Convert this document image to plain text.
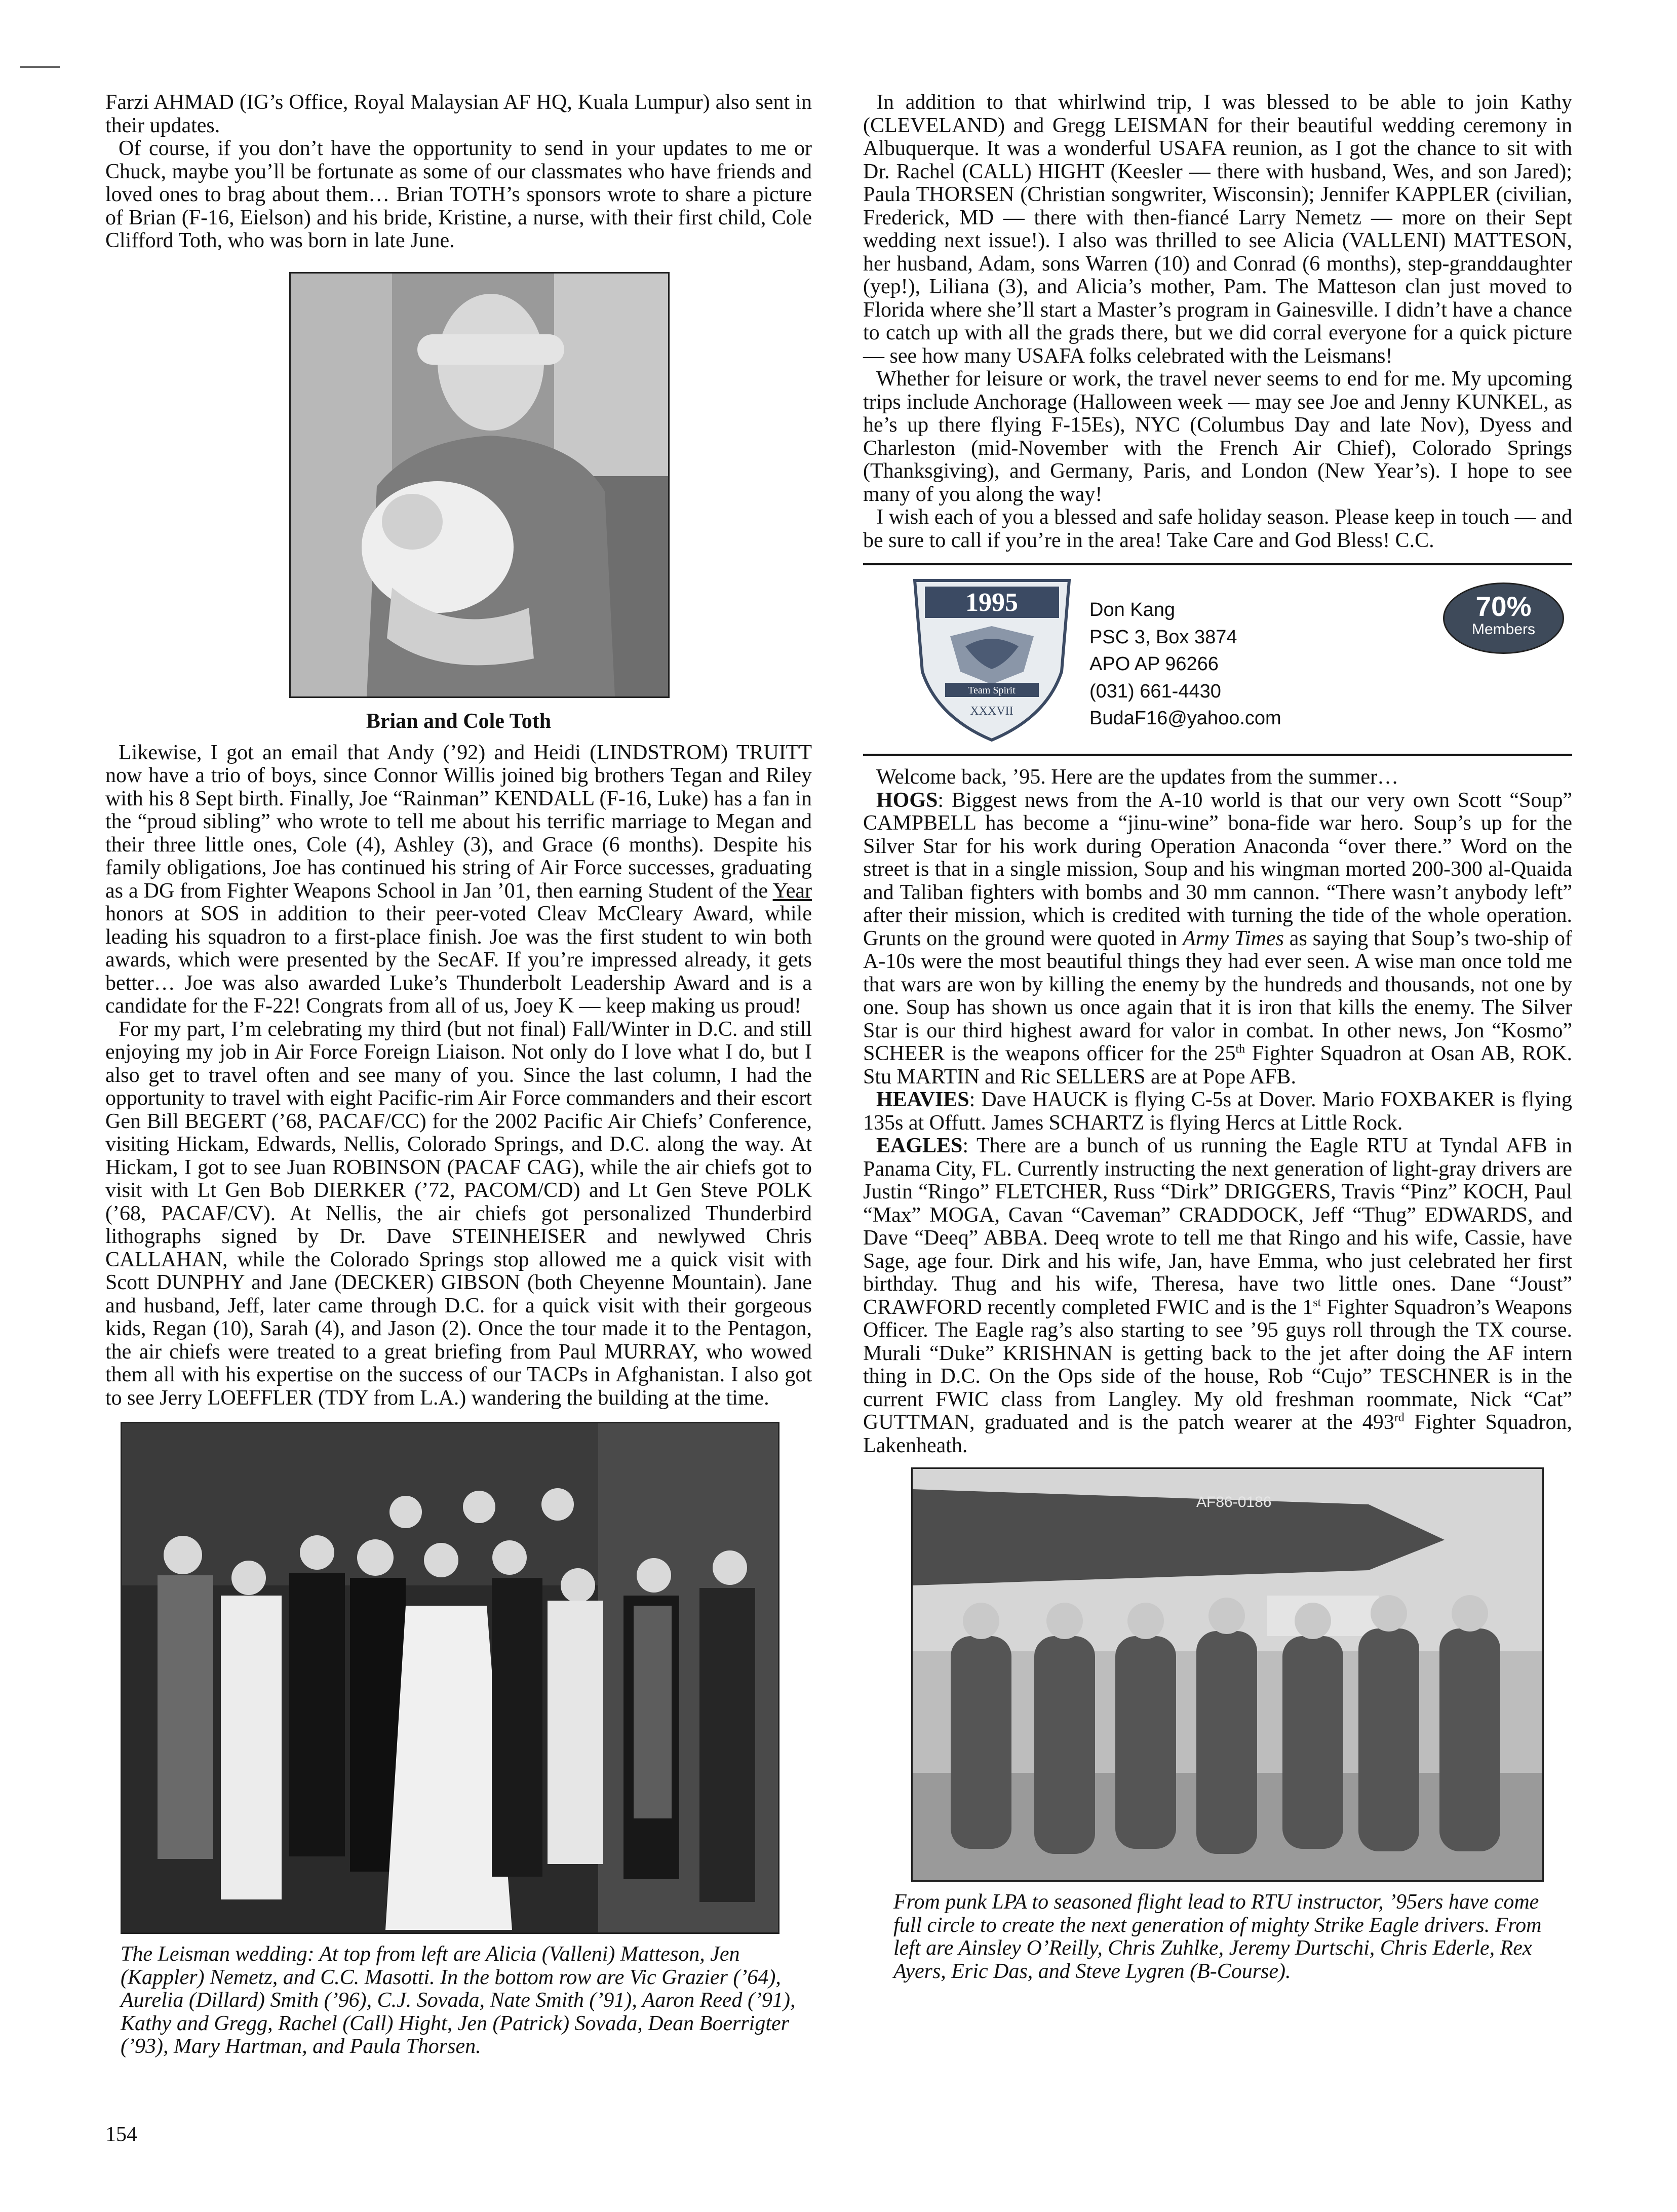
Farzi AHMAD (IG’s Office, Royal Malaysian AF HQ, Kuala Lumpur) also sent in their updates.

Of course, if you don’t have the opportunity to send in your updates to me or Chuck, maybe you’ll be fortunate as some of our classmates who have friends and loved ones to brag about them… Brian TOTH’s sponsors wrote to share a picture of Brian (F-16, Eielson) and his bride, Kristine, a nurse, with their first child, Cole Clifford Toth, who was born in late June.

Brian and Cole Toth

Likewise, I got an email that Andy (’92) and Heidi (LINDSTROM) TRUITT now have a trio of boys, since Connor Willis joined big brothers Tegan and Riley with his 8 Sept birth. Finally, Joe “Rainman” KENDALL (F-16, Luke) has a fan in the “proud sibling” who wrote to tell me about his terrific marriage to Megan and their three little ones, Cole (4), Ashley (3), and Grace (6 months). Despite his family obligations, Joe has continued his string of Air Force successes, graduating as a DG from Fighter Weapons School in Jan ’01, then earning Student of the Year honors at SOS in addition to their peer-voted Cleav McCleary Award, while leading his squadron to a first-place finish. Joe was the first student to win both awards, which were presented by the SecAF. If you’re impressed already, it gets better… Joe was also awarded Luke’s Thunderbolt Leadership Award and is a candidate for the F-22! Congrats from all of us, Joey K — keep making us proud!

For my part, I’m celebrating my third (but not final) Fall/Winter in D.C. and still enjoying my job in Air Force Foreign Liaison. Not only do I love what I do, but I also get to travel often and see many of you. Since the last column, I had the opportunity to travel with eight Pacific-rim Air Force commanders and their escort Gen Bill BEGERT (’68, PACAF/CC) for the 2002 Pacific Air Chiefs’ Conference, visiting Hickam, Edwards, Nellis, Colorado Springs, and D.C. along the way. At Hickam, I got to see Juan ROBINSON (PACAF CAG), while the air chiefs got to visit with Lt Gen Bob DIERKER (’72, PACOM/CD) and Lt Gen Steve POLK (’68, PACAF/CV). At Nellis, the air chiefs got personalized Thunderbird lithographs signed by Dr. Dave STEINHEISER and newlywed Chris CALLAHAN, while the Colorado Springs stop allowed me a quick visit with Scott DUNPHY and Jane (DECKER) GIBSON (both Cheyenne Mountain). Jane and husband, Jeff, later came through D.C. for a quick visit with their gorgeous kids, Regan (10), Sarah (4), and Jason (2). Once the tour made it to the Pentagon, the air chiefs were treated to a great briefing from Paul MURRAY, who wowed them all with his expertise on the success of our TACPs in Afghanistan. I also got to see Jerry LOEFFLER (TDY from L.A.) wandering the building at the time.

The Leisman wedding: At top from left are Alicia (Valleni) Matteson, Jen (Kappler) Nemetz, and C.C. Masotti. In the bottom row are Vic Grazier (’64), Aurelia (Dillard) Smith (’96), C.J. Sovada, Nate Smith (’91), Aaron Reed (’91), Kathy and Gregg, Rachel (Call) Hight, Jen (Patrick) Sovada, Dean Boerrigter (’93), Mary Hartman, and Paula Thorsen.

In addition to that whirlwind trip, I was blessed to be able to join Kathy (CLEVELAND) and Gregg LEISMAN for their beautiful wedding ceremony in Albuquerque. It was a wonderful USAFA reunion, as I got the chance to sit with Dr. Rachel (CALL) HIGHT (Keesler — there with husband, Wes, and son Jared); Paula THORSEN (Christian songwriter, Wisconsin); Jennifer KAPPLER (civilian, Frederick, MD — there with then-fiancé Larry Nemetz — more on their Sept wedding next issue!). I also was thrilled to see Alicia (VALLENI) MATTESON, her husband, Adam, sons Warren (10) and Conrad (6 months), step-granddaughter (yep!), Liliana (3), and Alicia’s mother, Pam. The Matteson clan just moved to Florida where she’ll start a Master’s program in Gainesville. I didn’t have a chance to catch up with all the grads there, but we did corral everyone for a quick picture — see how many USAFA folks celebrated with the Leismans!

Whether for leisure or work, the travel never seems to end for me. My upcoming trips include Anchorage (Halloween week — may see Joe and Jenny KUNKEL, as he’s up there flying F-15Es), NYC (Columbus Day and late Nov), Dyess and Charleston (mid-November with the French Air Chief), Colorado Springs (Thanksgiving), and Germany, Paris, and London (New Year’s). I hope to see many of you along the way!

I wish each of you a blessed and safe holiday season. Please keep in touch — and be sure to call if you’re in the area! Take Care and God Bless! C.C.

1995
Team Spirit
XXXVII
Don Kang
PSC 3, Box 3874
APO AP 96266
(031) 661-4430
BudaF16@yahoo.com
70%
Members

Welcome back, ’95. Here are the updates from the summer…

HOGS: Biggest news from the A-10 world is that our very own Scott “Soup” CAMPBELL has become a “jinu-wine” bona-fide war hero. Soup’s up for the Silver Star for his work during Operation Anaconda “over there.” Word on the street is that in a single mission, Soup and his wingman morted 200-300 al-Quaida and Taliban fighters with bombs and 30 mm cannon. “There wasn’t anybody left” after their mission, which is credited with turning the tide of the whole operation. Grunts on the ground were quoted in Army Times as saying that Soup’s two-ship of A-10s were the most beautiful things they had ever seen. A wise man once told me that wars are won by killing the enemy by the hundreds and thousands, not one by one. Soup has shown us once again that it is iron that kills the enemy. The Silver Star is our third highest award for valor in combat. In other news, Jon “Kosmo” SCHEER is the weapons officer for the 25th Fighter Squadron at Osan AB, ROK. Stu MARTIN and Ric SELLERS are at Pope AFB.

HEAVIES: Dave HAUCK is flying C-5s at Dover. Mario FOXBAKER is flying 135s at Offutt. James SCHARTZ is flying Hercs at Little Rock.

EAGLES: There are a bunch of us running the Eagle RTU at Tyndal AFB in Panama City, FL. Currently instructing the next generation of light-gray drivers are Justin “Ringo” FLETCHER, Russ “Dirk” DRIGGERS, Travis “Pinz” KOCH, Paul “Max” MOGA, Cavan “Caveman” CRADDOCK, Jeff “Thug” EDWARDS, and Dave “Deeq” ABBA. Deeq wrote to tell me that Ringo and his wife, Cassie, have Sage, age four. Dirk and his wife, Jan, have Emma, who just celebrated her first birthday. Thug and his wife, Theresa, have two little ones. Dane “Joust” CRAWFORD recently completed FWIC and is the 1st Fighter Squadron’s Weapons Officer. The Eagle rag’s also starting to see ’95 guys roll through the TX course. Murali “Duke” KRISHNAN is getting back to the jet after doing the AF intern thing in D.C. On the Ops side of the house, Rob “Cujo” TESCHNER is in the current FWIC class from Langley. My old freshman roommate, Nick “Cat” GUTTMAN, graduated and is the patch wearer at the 493rd Fighter Squadron, Lakenheath.

AF86-0186
From punk LPA to seasoned flight lead to RTU instructor, ’95ers have come full circle to create the next generation of mighty Strike Eagle drivers. From left are Ainsley O’Reilly, Chris Zuhlke, Jeremy Durtschi, Chris Ederle, Rex Ayers, Eric Das, and Steve Lygren (B-Course).
154
